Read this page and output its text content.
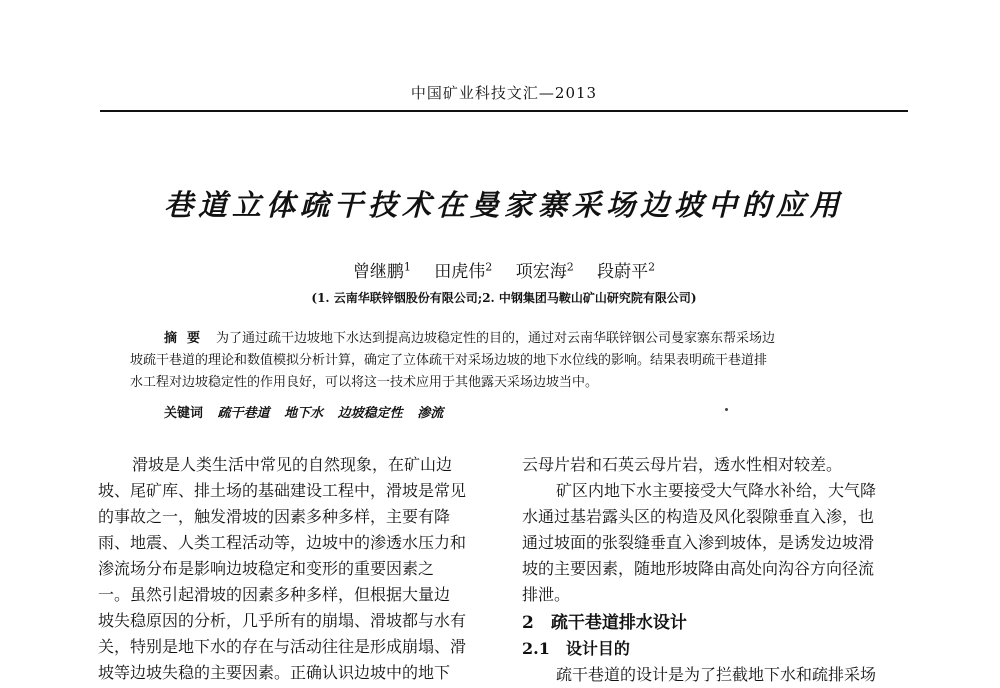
中国矿业科技文汇—2013
巷道立体疏干技术在曼家寨采场边坡中的应用
曾继鹏$^1$ 田虎伟$^2$ 项宏海$^2$ 段蔚平$^2$
(1. 云南华联锌铟股份有限公司;2. 中钢集团马鞍山矿山研究院有限公司)
摘要 为了通过疏干边坡地下水达到提高边坡稳定性的目的，通过对云南华联锌铟公司曼家寨东帮采场边
坡疏干巷道的理论和数值模拟分析计算，确定了立体疏干对采场边坡的地下水位线的影响。结果表明疏干巷道排
水工程对边坡稳定性的作用良好，可以将这一技术应用于其他露天采场边坡当中。
关键词 疏干巷道 地下水 边坡稳定性 渗流
滑坡是人类生活中常见的自然现象，在矿山边
坡、尾矿库、排土场的基础建设工程中，滑坡是常见
的事故之一，触发滑坡的因素多种多样，主要有降
雨、地震、人类工程活动等，边坡中的渗透水压力和
渗流场分布是影响边坡稳定和变形的重要因素之
一。虽然引起滑坡的因素多种多样，但根据大量边
坡失稳原因的分析，几乎所有的崩塌、滑坡都与水有
关，特别是地下水的存在与活动往往是形成崩塌、滑
坡等边坡失稳的主要因素。正确认识边坡中的地下
云母片岩和石英云母片岩，透水性相对较差。
矿区内地下水主要接受大气降水补给，大气降
水通过基岩露头区的构造及风化裂隙垂直入渗，也
通过坡面的张裂缝垂直入渗到坡体，是诱发边坡滑
坡的主要因素，随地形坡降由高处向沟谷方向径流
排泄。
2　疏干巷道排水设计
2.1　设计目的
疏干巷道的设计是为了拦截地下水和疏排采场
